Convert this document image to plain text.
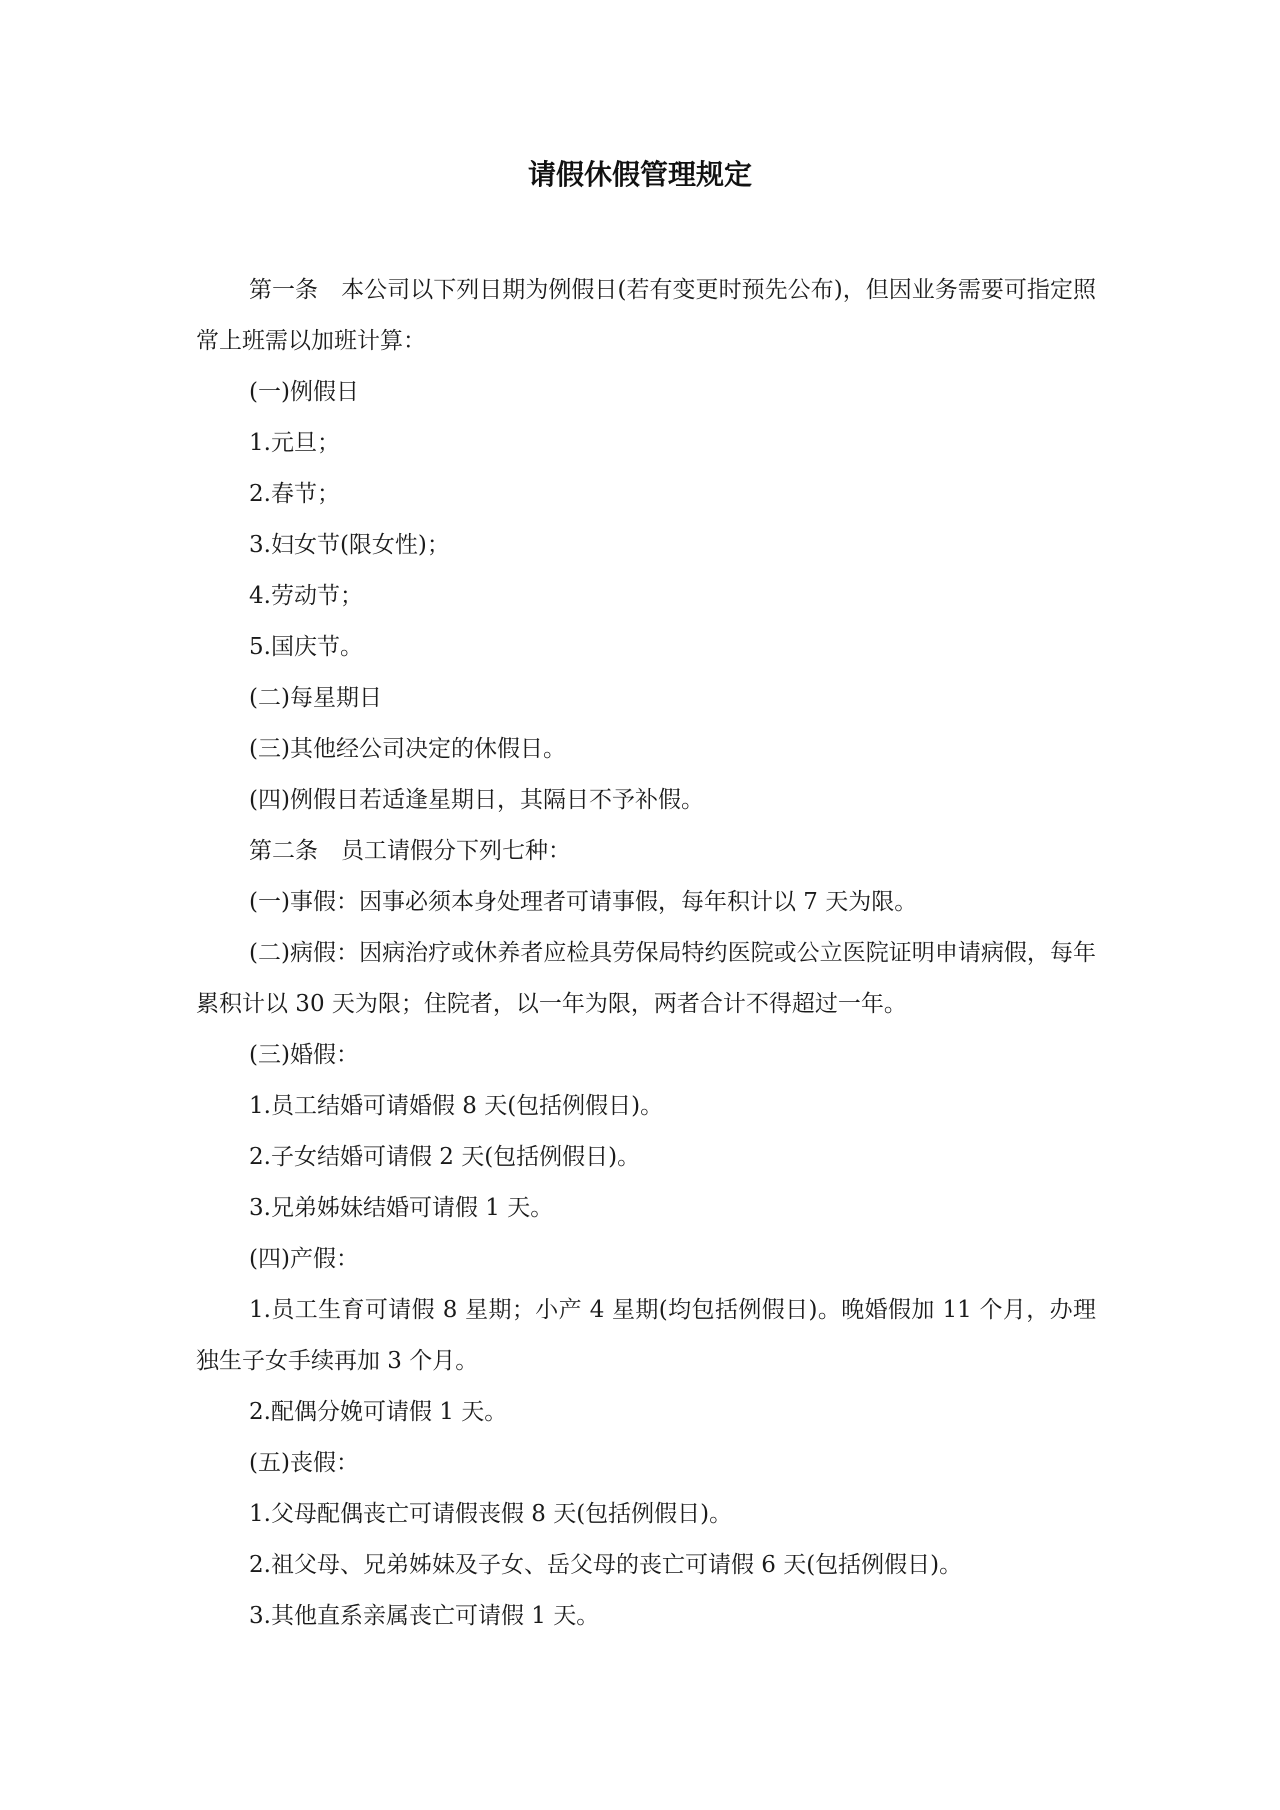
请假休假管理规定

第一条　本公司以下列日期为例假日(若有变更时预先公布)，但因业务需要可指定照常上班需以加班计算：

(一)例假日

1.元旦；

2.春节；

3.妇女节(限女性)；

4.劳动节；

5.国庆节。

(二)每星期日

(三)其他经公司决定的休假日。

(四)例假日若适逢星期日，其隔日不予补假。

第二条　员工请假分下列七种：

(一)事假：因事必须本身处理者可请事假，每年积计以 7 天为限。

(二)病假：因病治疗或休养者应检具劳保局特约医院或公立医院证明申请病假，每年累积计以 30 天为限；住院者，以一年为限，两者合计不得超过一年。

(三)婚假：

1.员工结婚可请婚假 8 天(包括例假日)。

2.子女结婚可请假 2 天(包括例假日)。

3.兄弟姊妹结婚可请假 1 天。

(四)产假：

1.员工生育可请假 8 星期；小产 4 星期(均包括例假日)。晚婚假加 11 个月，办理独生子女手续再加 3 个月。

2.配偶分娩可请假 1 天。

(五)丧假：

1.父母配偶丧亡可请假丧假 8 天(包括例假日)。

2.祖父母、兄弟姊妹及子女、岳父母的丧亡可请假 6 天(包括例假日)。

3.其他直系亲属丧亡可请假 1 天。
